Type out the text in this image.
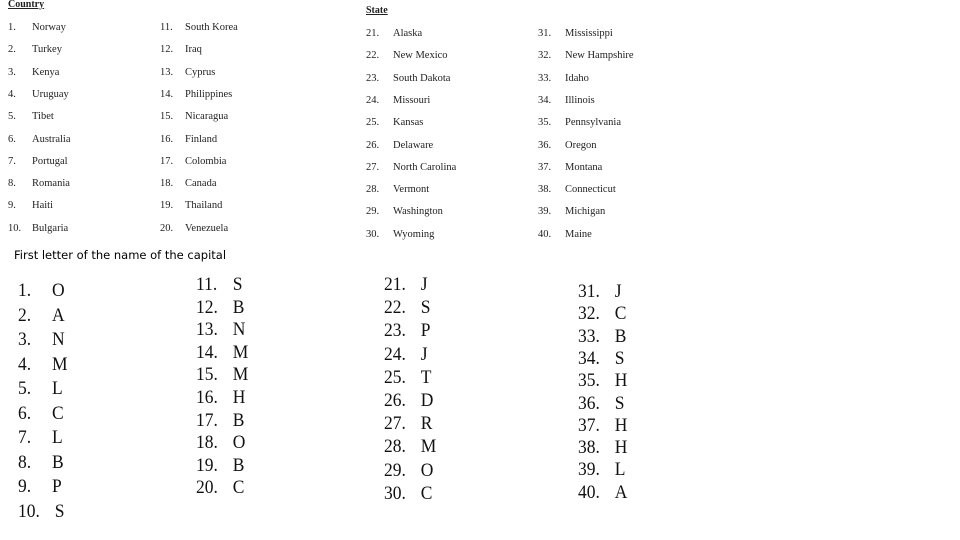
Country
State
1. Norway
2. Turkey
3. Kenya
4. Uruguay
5. Tibet
6. Australia
7. Portugal
8. Romania
9. Haiti
10. Bulgaria
11. South Korea
12. Iraq
13. Cyprus
14. Philippines
15. Nicaragua
16. Finland
17. Colombia
18. Canada
19. Thailand
20. Venezuela
21. Alaska
22. New Mexico
23. South Dakota
24. Missouri
25. Kansas
26. Delaware
27. North Carolina
28. Vermont
29. Washington
30. Wyoming
31. Mississippi
32. New Hampshire
33. Idaho
34. Illinois
35. Pennsylvania
36. Oregon
37. Montana
38. Connecticut
39. Michigan
40. Maine
First letter of the name of the capital
1. O
2. A
3. N
4. M
5. L
6. C
7. L
8. B
9. P
10. S
11. S
12. B
13. N
14. M
15. M
16. H
17. B
18. O
19. B
20. C
21. J
22. S
23. P
24. J
25. T
26. D
27. R
28. M
29. O
30. C
31. J
32. C
33. B
34. S
35. H
36. S
37. H
38. H
39. L
40. A
